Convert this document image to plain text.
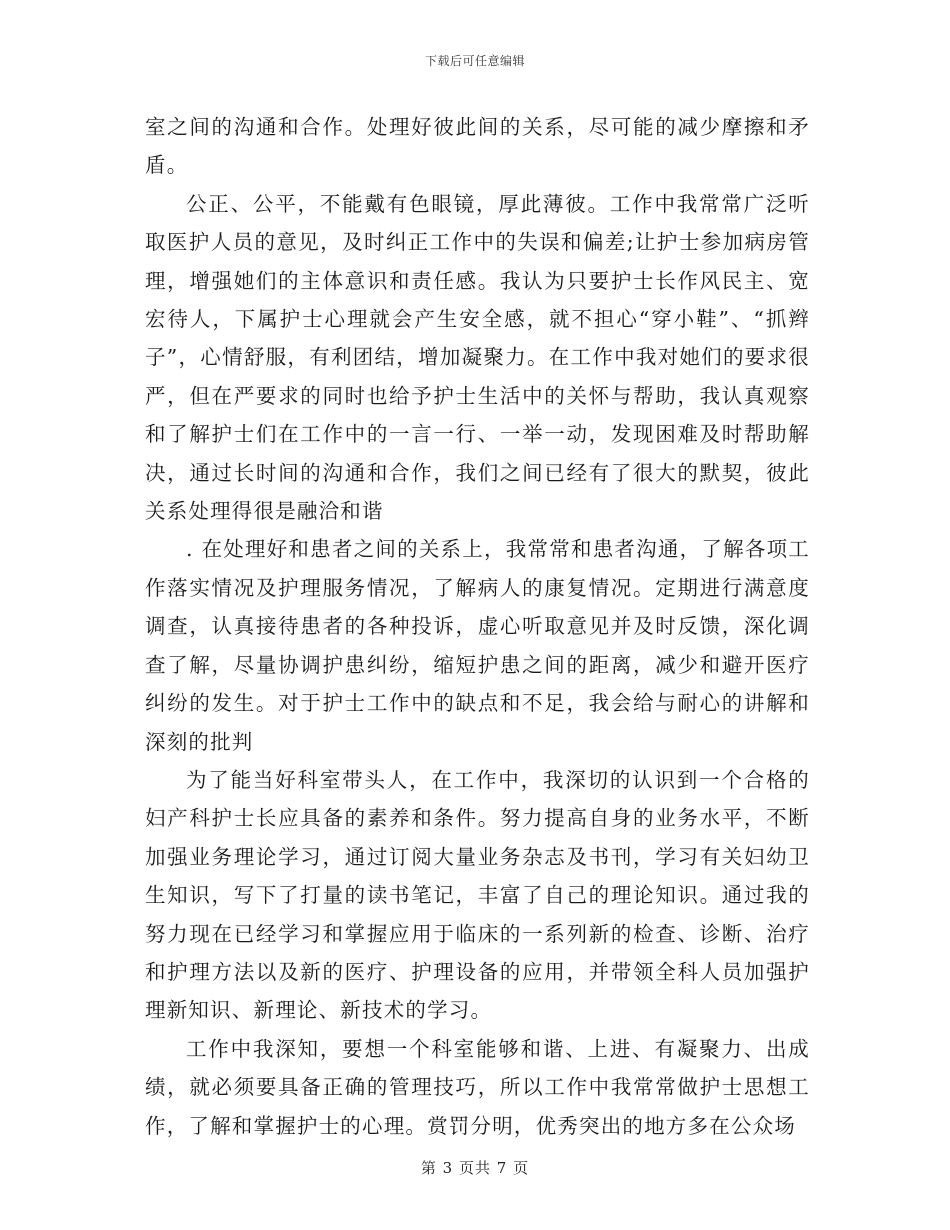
下载后可任意编辑

室之间的沟通和合作。处理好彼此间的关系，尽可能的减少摩擦和矛盾。

公正、公平，不能戴有色眼镜，厚此薄彼。工作中我常常广泛听取医护人员的意见，及时纠正工作中的失误和偏差;让护士参加病房管理，增强她们的主体意识和责任感。我认为只要护士长作风民主、宽宏待人，下属护士心理就会产生安全感，就不担心“穿小鞋”、“抓辫子”，心情舒服，有利团结，增加凝聚力。在工作中我对她们的要求很严，但在严要求的同时也给予护士生活中的关怀与帮助，我认真观察和了解护士们在工作中的一言一行、一举一动，发现困难及时帮助解决，通过长时间的沟通和合作，我们之间已经有了很大的默契，彼此关系处理得很是融洽和谐

. 在处理好和患者之间的关系上，我常常和患者沟通，了解各项工作落实情况及护理服务情况，了解病人的康复情况。定期进行满意度调查，认真接待患者的各种投诉，虚心听取意见并及时反馈，深化调查了解，尽量协调护患纠纷，缩短护患之间的距离，减少和避开医疗纠纷的发生。对于护士工作中的缺点和不足，我会给与耐心的讲解和深刻的批判

为了能当好科室带头人，在工作中，我深切的认识到一个合格的妇产科护士长应具备的素养和条件。努力提高自身的业务水平，不断加强业务理论学习，通过订阅大量业务杂志及书刊，学习有关妇幼卫生知识，写下了打量的读书笔记，丰富了自己的理论知识。通过我的努力现在已经学习和掌握应用于临床的一系列新的检查、诊断、治疗和护理方法以及新的医疗、护理设备的应用，并带领全科人员加强护理新知识、新理论、新技术的学习。

工作中我深知，要想一个科室能够和谐、上进、有凝聚力、出成绩，就必须要具备正确的管理技巧，所以工作中我常常做护士思想工作，了解和掌握护士的心理。赏罚分明，优秀突出的地方多在公众场

第 3 页共 7 页
